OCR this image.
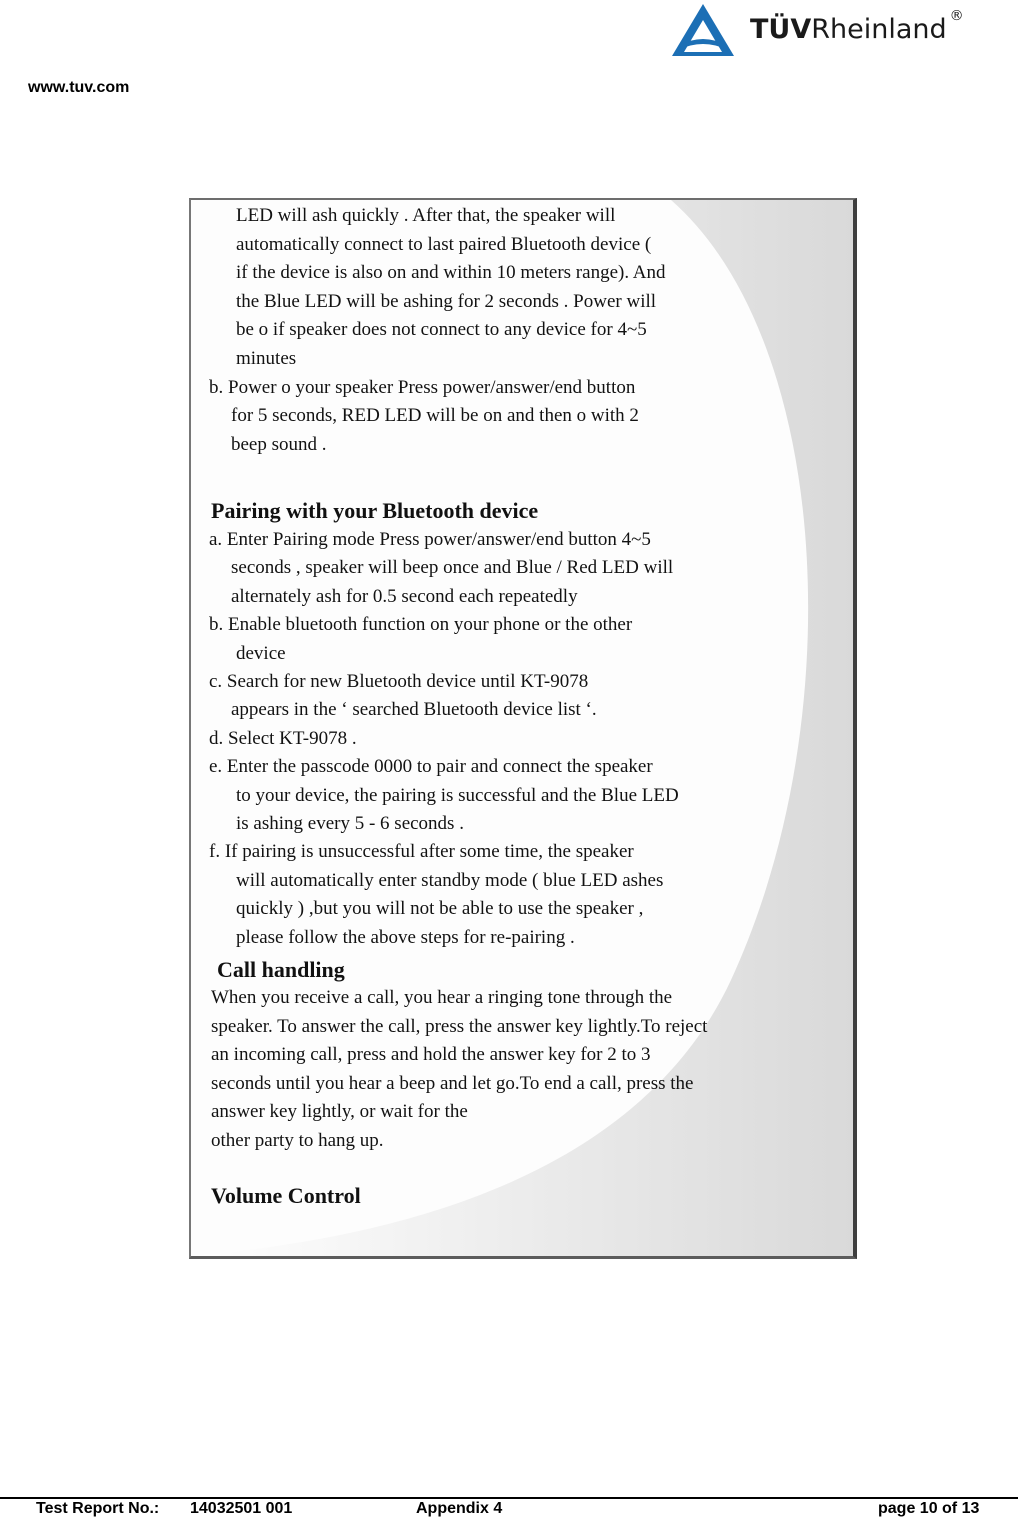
www.tuv.com
TÜVRheinland ®
LED will ash quickly . After that, the speaker will
automatically connect to last paired Bluetooth device (
if the device is also on and within 10 meters range). And
the Blue LED will be ashing for 2 seconds . Power will
be o if speaker does not connect to any device for 4~5
minutes
b. Power o your speaker Press power/answer/end button
for 5 seconds, RED LED will be on and then o with 2
beep sound .
Pairing with your Bluetooth device
a. Enter Pairing mode Press power/answer/end button 4~5
seconds , speaker will beep once and Blue / Red LED will
alternately ash for 0.5 second each repeatedly
b. Enable bluetooth function on your phone or the other
device
c. Search for new Bluetooth device until KT-9078
appears in the ‘ searched Bluetooth device list ‘.
d. Select KT-9078 .
e. Enter the passcode 0000 to pair and connect the speaker
to your device, the pairing is successful and the Blue LED
is ashing every 5 - 6 seconds .
f. If pairing is unsuccessful after some time, the speaker
will automatically enter standby mode ( blue LED ashes
quickly ) ,but you will not be able to use the speaker ,
please follow the above steps for re-pairing .
Call handling
When you receive a call, you hear a ringing tone through the
speaker. To answer the call, press the answer key lightly.To reject
an incoming call, press and hold the answer key for 2 to 3
seconds until you hear a beep and let go.To end a call, press the
answer key lightly, or wait for the
other party to hang up.
Volume Control
Test Report No.: 14032501 001	Appendix 4	page 10 of 13
